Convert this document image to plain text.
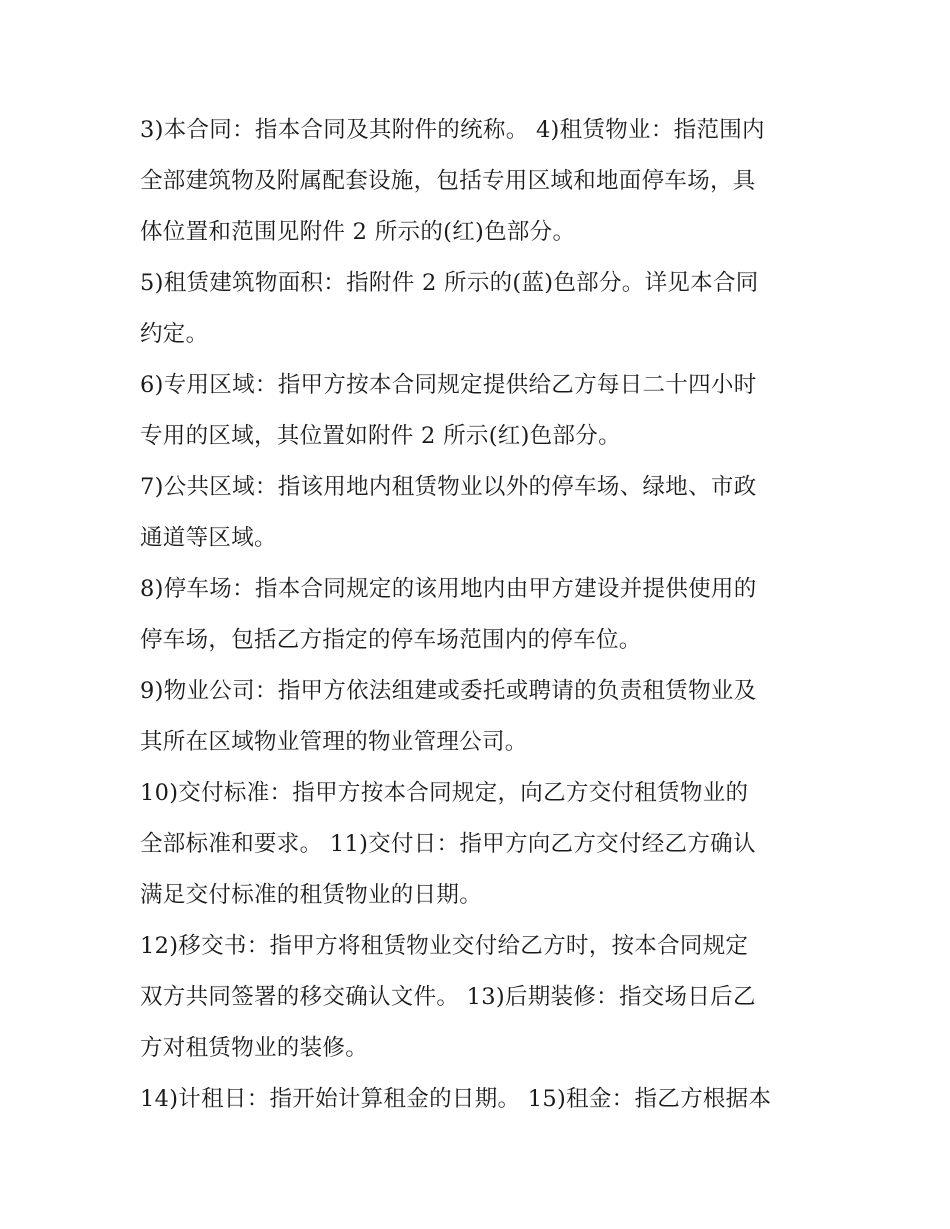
3)本合同：指本合同及其附件的统称。 4)租赁物业：指范围内
全部建筑物及附属配套设施，包括专用区域和地面停车场，具
体位置和范围见附件 2 所示的(红)色部分。
5)租赁建筑物面积：指附件 2 所示的(蓝)色部分。详见本合同
约定。
6)专用区域：指甲方按本合同规定提供给乙方每日二十四小时
专用的区域，其位置如附件 2 所示(红)色部分。
7)公共区域：指该用地内租赁物业以外的停车场、绿地、市政
通道等区域。
8)停车场：指本合同规定的该用地内由甲方建设并提供使用的
停车场，包括乙方指定的停车场范围内的停车位。
9)物业公司：指甲方依法组建或委托或聘请的负责租赁物业及
其所在区域物业管理的物业管理公司。
10)交付标准：指甲方按本合同规定，向乙方交付租赁物业的
全部标准和要求。 11)交付日：指甲方向乙方交付经乙方确认
满足交付标准的租赁物业的日期。
12)移交书：指甲方将租赁物业交付给乙方时，按本合同规定
双方共同签署的移交确认文件。 13)后期装修：指交场日后乙
方对租赁物业的装修。
14)计租日：指开始计算租金的日期。 15)租金：指乙方根据本
